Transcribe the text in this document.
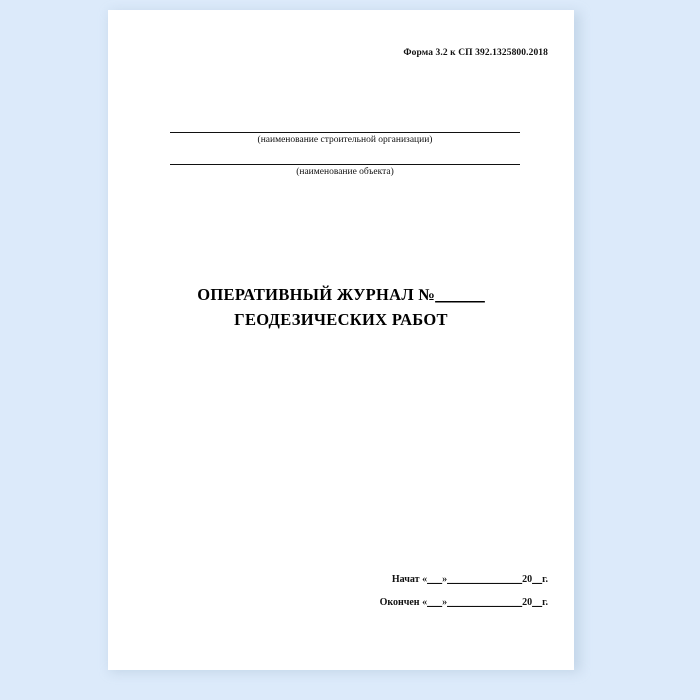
Форма 3.2 к СП 392.1325800.2018
(наименование строительной организации)
(наименование объекта)
ОПЕРАТИВНЫЙ ЖУРНАЛ №______
ГЕОДЕЗИЧЕСКИХ РАБОТ
Начат «___»_______________20__г.
Окончен «___»_______________20__г.
